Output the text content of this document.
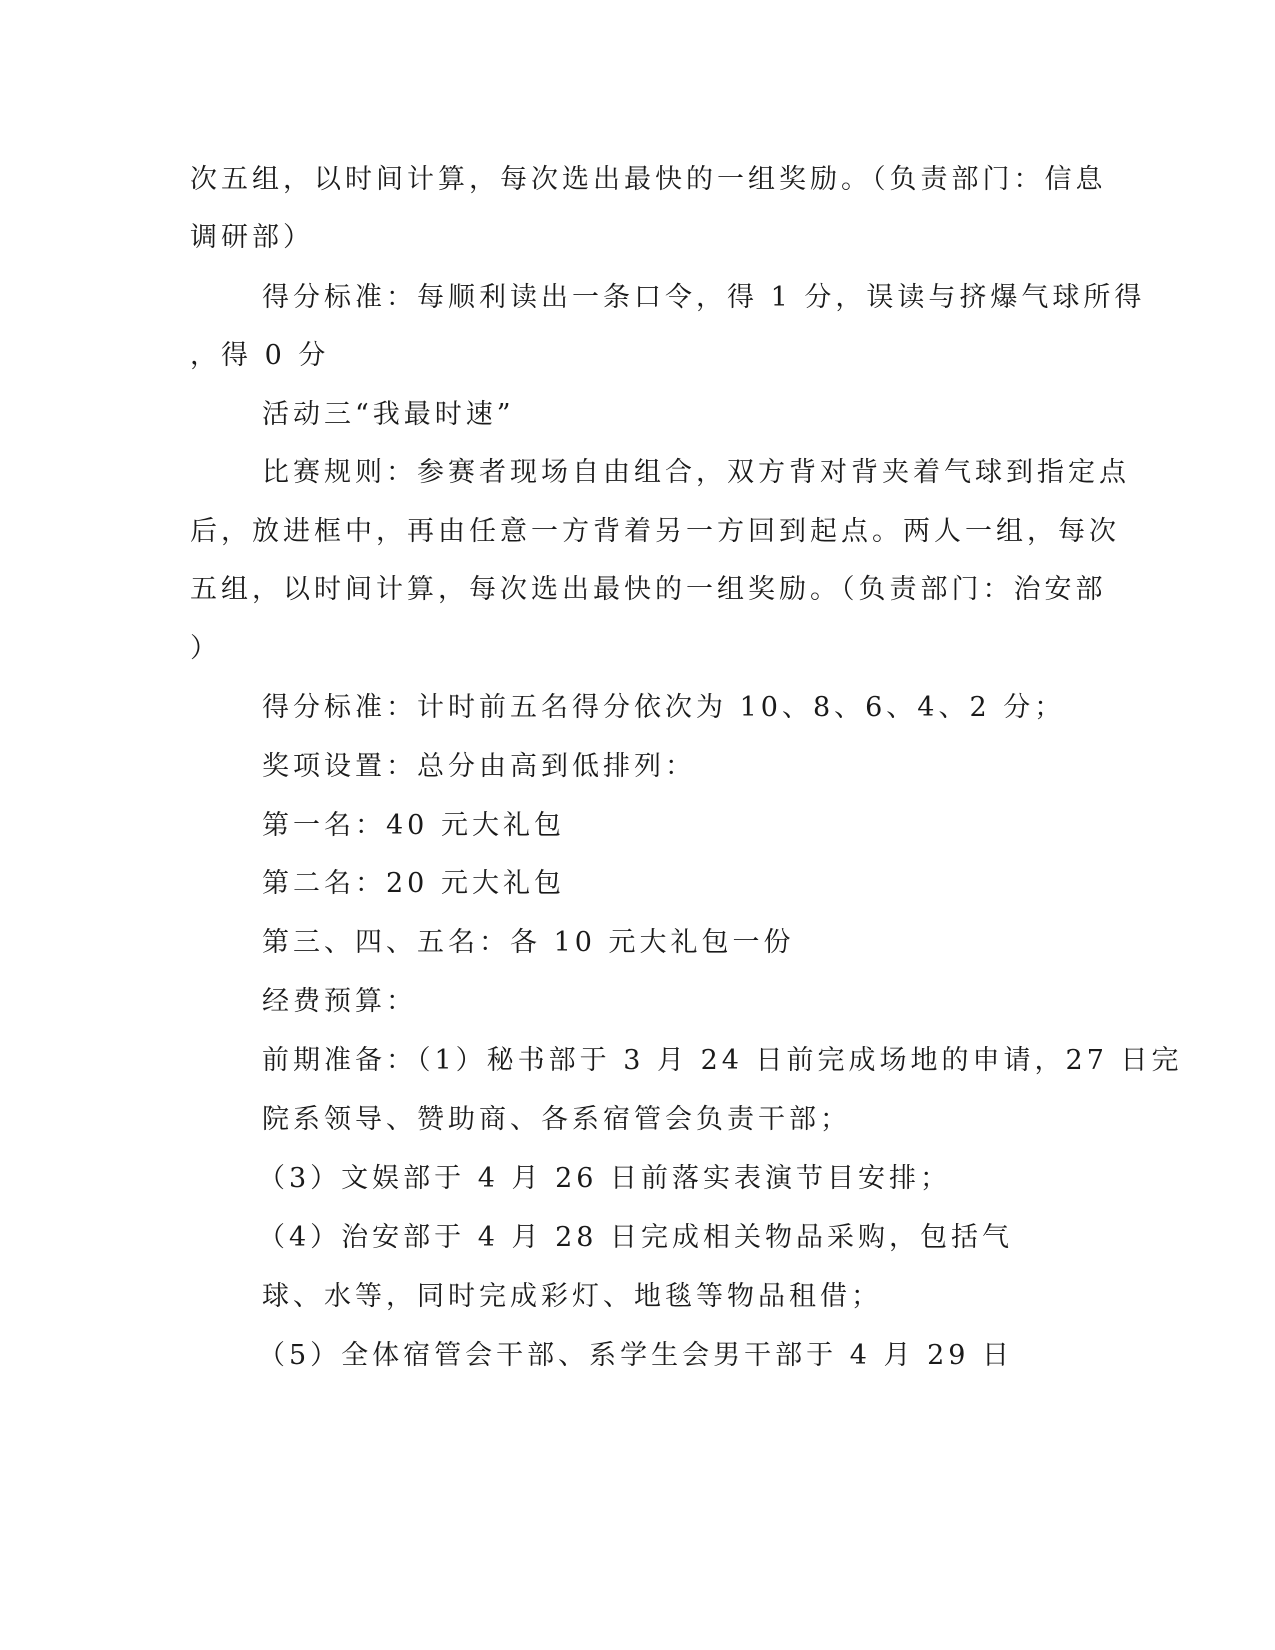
次五组，以时间计算，每次选出最快的一组奖励。（负责部门：信息
调研部）
得分标准：每顺利读出一条口令，得 1 分，误读与挤爆气球所得
，得 0 分
活动三“我最时速”
比赛规则：参赛者现场自由组合，双方背对背夹着气球到指定点
后，放进框中，再由任意一方背着另一方回到起点。两人一组，每次
五组，以时间计算，每次选出最快的一组奖励。（负责部门：治安部
）
得分标准：计时前五名得分依次为 10、8、6、4、2 分；
奖项设置：总分由高到低排列：
第一名：40 元大礼包
第二名：20 元大礼包
第三、四、五名：各 10 元大礼包一份
经费预算：
前期准备：（1）秘书部于 3 月 24 日前完成场地的申请，27 日完
院系领导、赞助商、各系宿管会负责干部；
（3）文娱部于 4 月 26 日前落实表演节目安排；
（4）治安部于 4 月 28 日完成相关物品采购，包括气
球、水等，同时完成彩灯、地毯等物品租借；
（5）全体宿管会干部、系学生会男干部于 4 月 29 日
